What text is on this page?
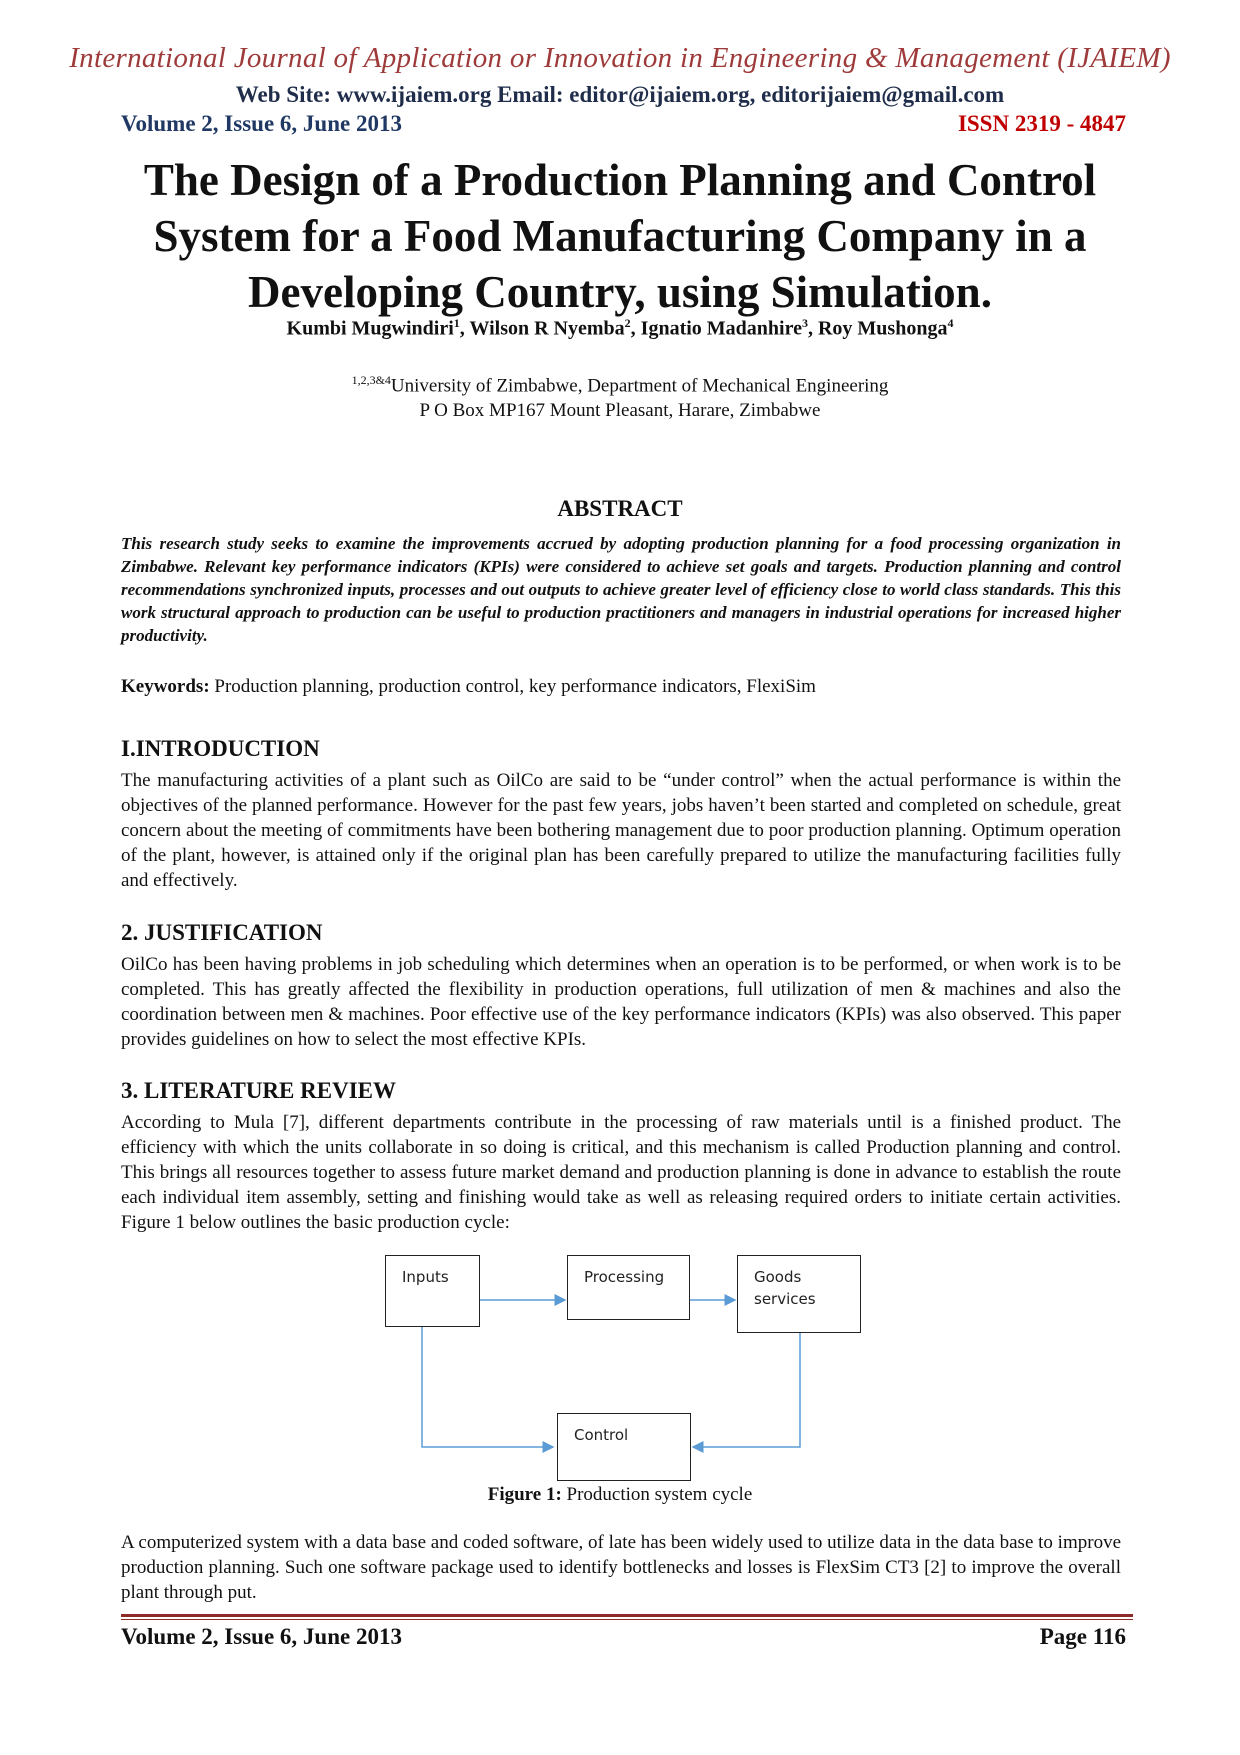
International Journal of Application or Innovation in Engineering & Management (IJAIEM)
Web Site: www.ijaiem.org Email: editor@ijaiem.org, editorijaiem@gmail.com
Volume 2, Issue 6, June 2013	ISSN 2319 - 4847
The Design of a Production Planning and Control System for a Food Manufacturing Company in a Developing Country, using Simulation.
Kumbi Mugwindiri$^1$, Wilson R Nyemba$^2$, Ignatio Madanhire$^3$, Roy Mushonga$^4$
$^{1,2,3\&4}$University of Zimbabwe, Department of Mechanical Engineering
P O Box MP167 Mount Pleasant, Harare, Zimbabwe
ABSTRACT

This research study seeks to examine the improvements accrued by adopting production planning for a food processing organization in Zimbabwe. Relevant key performance indicators (KPIs) were considered to achieve set goals and targets. Production planning and control recommendations synchronized inputs, processes and out outputs to achieve greater level of efficiency close to world class standards. This this work structural approach to production can be useful to production practitioners and managers in industrial operations for increased higher productivity.

Keywords: Production planning, production control, key performance indicators, FlexiSim
I.INTRODUCTION

The manufacturing activities of a plant such as OilCo are said to be “under control” when the actual performance is within the objectives of the planned performance. However for the past few years, jobs haven’t been started and completed on schedule, great concern about the meeting of commitments have been bothering management due to poor production planning. Optimum operation of the plant, however, is attained only if the original plan has been carefully prepared to utilize the manufacturing facilities fully and effectively.

2. JUSTIFICATION

OilCo has been having problems in job scheduling which determines when an operation is to be performed, or when work is to be completed. This has greatly affected the flexibility in production operations, full utilization of men & machines and also the coordination between men & machines. Poor effective use of the key performance indicators (KPIs) was also observed. This paper provides guidelines on how to select the most effective KPIs.

3. LITERATURE REVIEW

According to Mula [7], different departments contribute in the processing of raw materials until is a finished product. The efficiency with which the units collaborate in so doing is critical, and this mechanism is called Production planning and control. This brings all resources together to assess future market demand and production planning is done in advance to establish the route each individual item assembly, setting and finishing would take as well as releasing required orders to initiate certain activities. Figure 1 below outlines the basic production cycle:

Inputs	Processing	Goods
services
Control
Figure 1: Production system cycle

A computerized system with a data base and coded software, of late has been widely used to utilize data in the data base to improve production planning. Such one software package used to identify bottlenecks and losses is FlexSim CT3 [2] to improve the overall plant through put.

Volume 2, Issue 6, June 2013	Page 116
